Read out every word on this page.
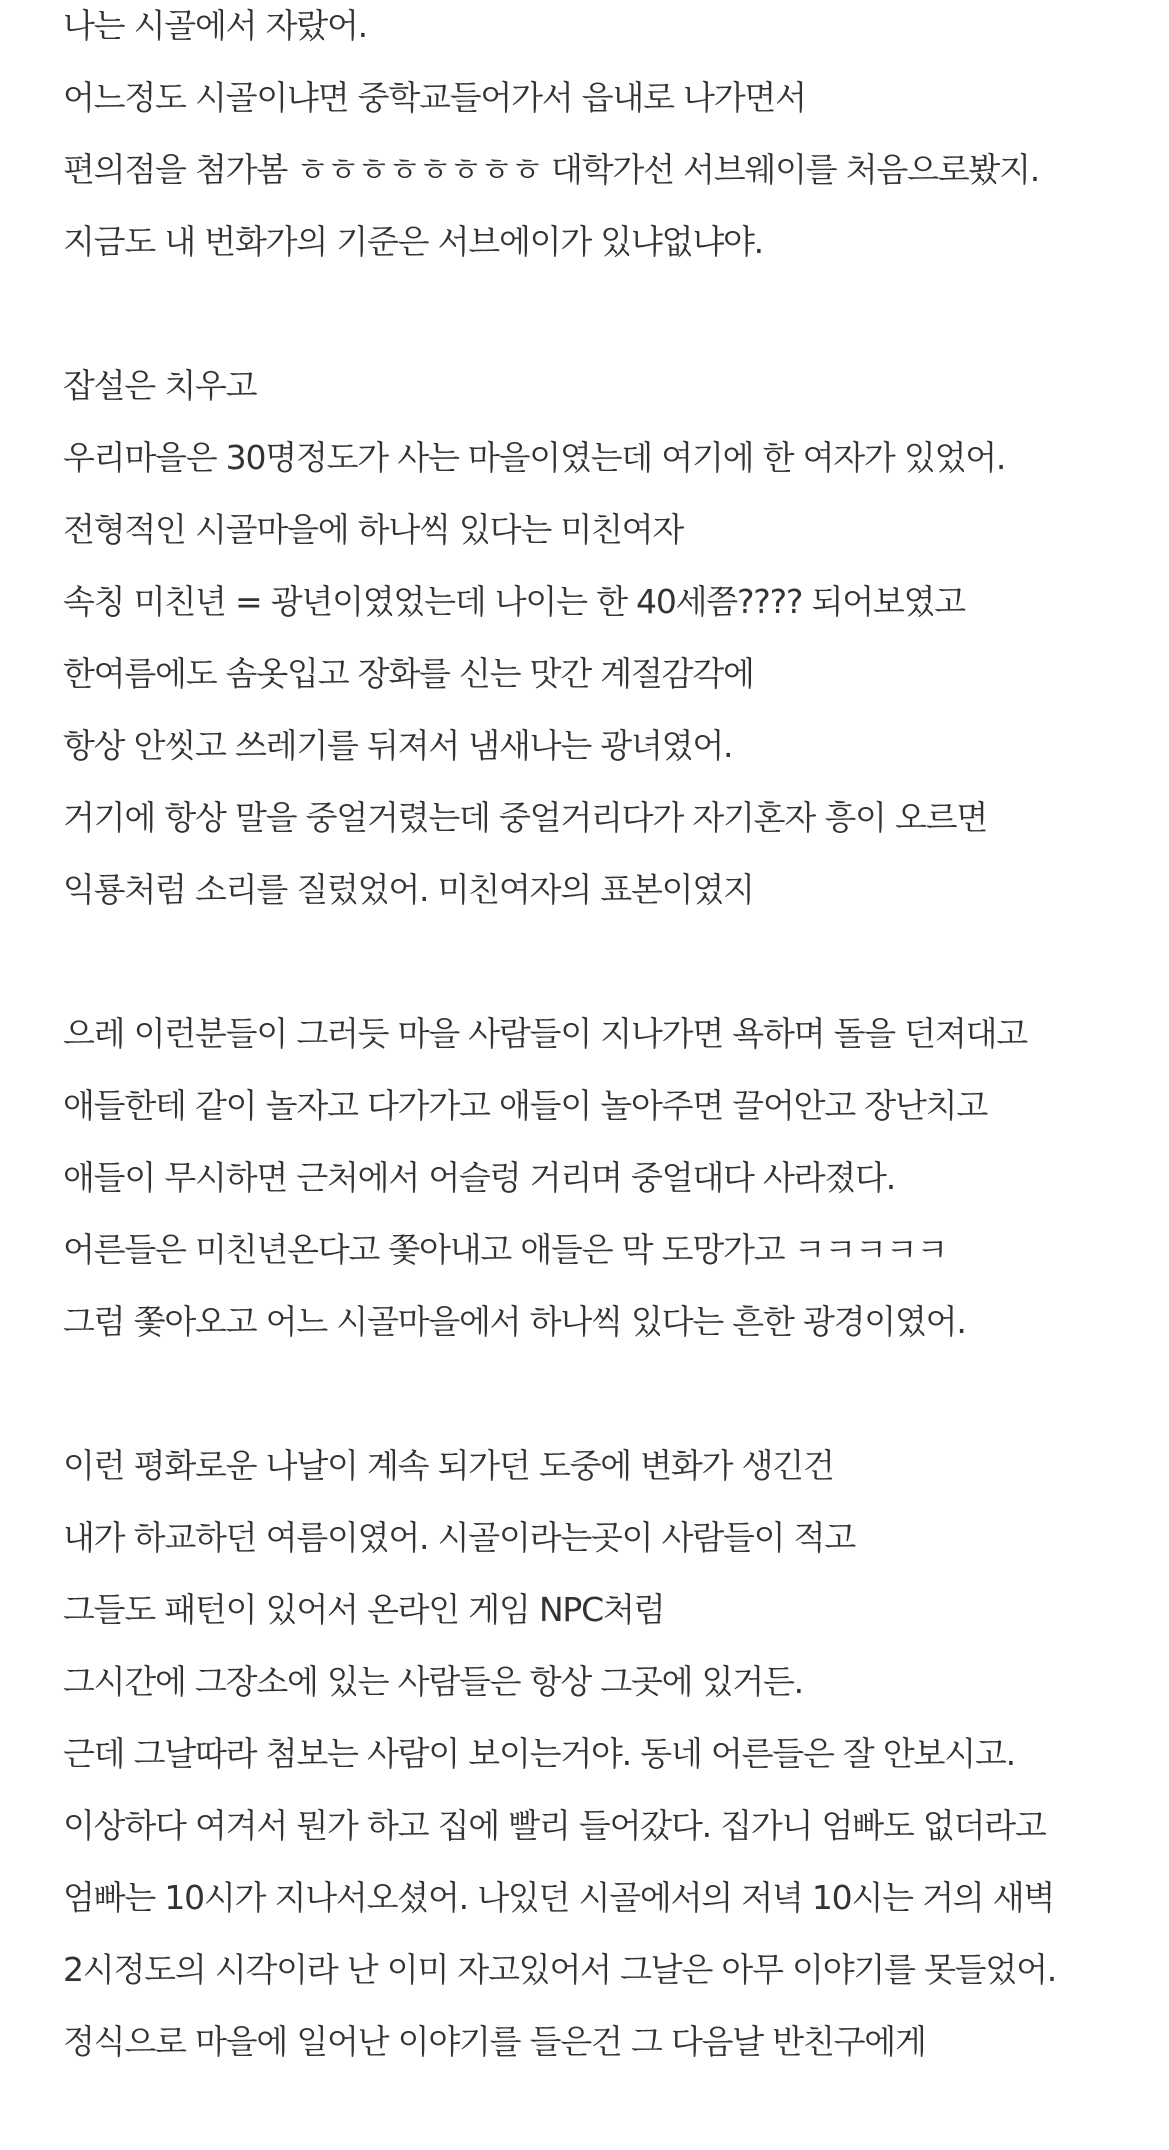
나는 시골에서 자랐어.
어느정도 시골이냐면 중학교들어가서 읍내로 나가면서
편의점을 첨가봄 ㅎㅎㅎㅎㅎㅎㅎㅎ 대학가선 서브웨이를 처음으로봤지.
지금도 내 번화가의 기준은 서브에이가 있냐없냐야.
잡설은 치우고
우리마을은 30명정도가 사는 마을이였는데 여기에 한 여자가 있었어.
전형적인 시골마을에 하나씩 있다는 미친여자
속칭 미친년 = 광년이였었는데 나이는 한 40세쯤???? 되어보였고
한여름에도 솜옷입고 장화를 신는 맛간 계절감각에
항상 안씻고 쓰레기를 뒤져서 냄새나는 광녀였어.
거기에 항상 말을 중얼거렸는데 중얼거리다가 자기혼자 흥이 오르면
익룡처럼 소리를 질렀었어. 미친여자의 표본이였지
으레 이런분들이 그러듯 마을 사람들이 지나가면 욕하며 돌을 던져대고
애들한테 같이 놀자고 다가가고 애들이 놀아주면 끌어안고 장난치고
애들이 무시하면 근처에서 어슬렁 거리며 중얼대다 사라졌다.
어른들은 미친년온다고 쫓아내고 애들은 막 도망가고 ㅋㅋㅋㅋㅋ
그럼 쫓아오고 어느 시골마을에서 하나씩 있다는 흔한 광경이였어.
이런 평화로운 나날이 계속 되가던 도중에 변화가 생긴건
내가 하교하던 여름이였어. 시골이라는곳이 사람들이 적고
그들도 패턴이 있어서 온라인 게임 NPC처럼
그시간에 그장소에 있는 사람들은 항상 그곳에 있거든.
근데 그날따라 첨보는 사람이 보이는거야. 동네 어른들은 잘 안보시고.
이상하다 여겨서 뭔가 하고 집에 빨리 들어갔다. 집가니 엄빠도 없더라고
엄빠는 10시가 지나서오셨어. 나있던 시골에서의 저녁 10시는 거의 새벽
2시정도의 시각이라 난 이미 자고있어서 그날은 아무 이야기를 못들었어.
정식으로 마을에 일어난 이야기를 들은건 그 다음날 반친구에게
